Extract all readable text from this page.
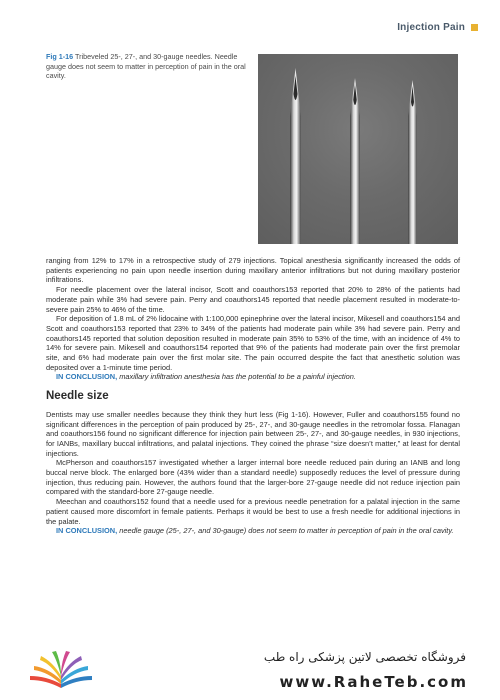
Injection Pain
Fig 1-16 Tribeveled 25-, 27-, and 30-gauge needles. Needle gauge does not seem to matter in perception of pain in the oral cavity.

ranging from 12% to 17% in a retrospective study of 279 injections. Topical anesthesia significantly increased the odds of patients experiencing no pain upon needle insertion during maxillary anterior infiltrations but not during maxillary posterior infiltrations.

For needle placement over the lateral incisor, Scott and coauthors153 reported that 20% to 28% of the patients had moderate pain while 3% had severe pain. Perry and coauthors145 reported that needle placement resulted in moderate-to-severe pain 25% to 46% of the time.

For deposition of 1.8 mL of 2% lidocaine with 1:100,000 epinephrine over the lateral incisor, Mikesell and coauthors154 and Scott and coauthors153 reported that 23% to 34% of the patients had moderate pain while 3% had severe pain. Perry and coauthors145 reported that solution deposition resulted in moderate pain 35% to 53% of the time, with an incidence of 4% to 14% for severe pain. Mikesell and coauthors154 reported that 9% of the patients had moderate pain over the first premolar site, and 6% had moderate pain over the first molar site. The pain occurred despite the fact that anesthetic solution was deposited over a 1-minute time period.

IN CONCLUSION, maxillary infiltration anesthesia has the potential to be a painful injection.

Needle size

Dentists may use smaller needles because they think they hurt less (Fig 1-16). However, Fuller and coauthors155 found no significant differences in the perception of pain produced by 25-, 27-, and 30-gauge needles in the retromolar fossa. Flanagan and coauthors156 found no significant difference for injection pain between 25-, 27-, and 30-gauge needles, in 930 injections, for IANBs, maxillary buccal infiltrations, and palatal injections. They coined the phrase “size doesn’t matter,” at least for dental injections.

McPherson and coauthors157 investigated whether a larger internal bore needle reduced pain during an IANB and long buccal nerve block. The enlarged bore (43% wider than a standard needle) supposedly reduces the level of pressure during injection, thus reducing pain. However, the authors found that the larger-bore 27-gauge needle did not reduce injection pain compared with the standard-bore 27-gauge needle.

Meechan and coauthors152 found that a needle used for a previous needle penetration for a palatal injection in the same patient caused more discomfort in female patients. Perhaps it would be best to use a fresh needle for additional injections in the palate.

IN CONCLUSION, needle gauge (25-, 27-, and 30-gauge) does not seem to matter in perception of pain in the oral cavity.

فروشگاه تخصصی لاتین پزشکی راه طب
www.RaheTeb.com
